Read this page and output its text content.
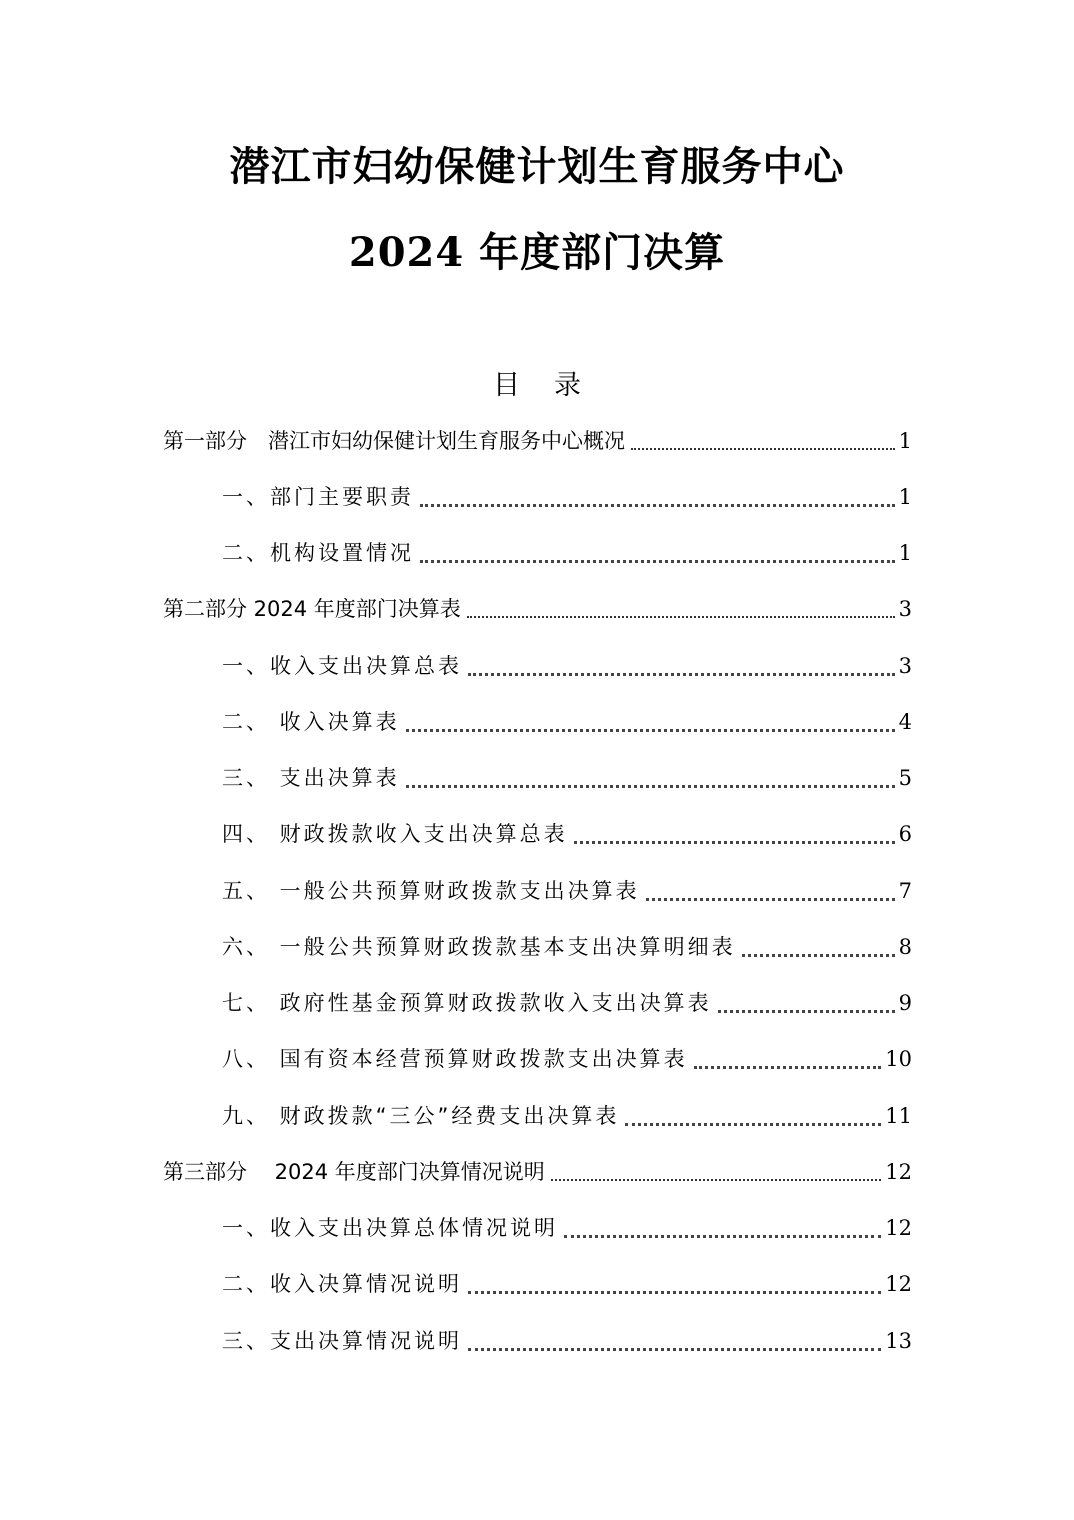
潜江市妇幼保健计划生育服务中心
2024 年度部门决算
目 录
第一部分　潜江市妇幼保健计划生育服务中心概况	1
一、部门主要职责	1
二、机构设置情况	1
第二部分 2024 年度部门决算表	3
一、收入支出决算总表	3
二、 收入决算表	4
三、 支出决算表	5
四、 财政拨款收入支出决算总表	6
五、 一般公共预算财政拨款支出决算表	7
六、 一般公共预算财政拨款基本支出决算明细表	8
七、 政府性基金预算财政拨款收入支出决算表	9
八、 国有资本经营预算财政拨款支出决算表	10
九、 财政拨款“三公”经费支出决算表	11
第三部分　 2024 年度部门决算情况说明	12
一、收入支出决算总体情况说明	12
二、收入决算情况说明	12
三、支出决算情况说明	13
